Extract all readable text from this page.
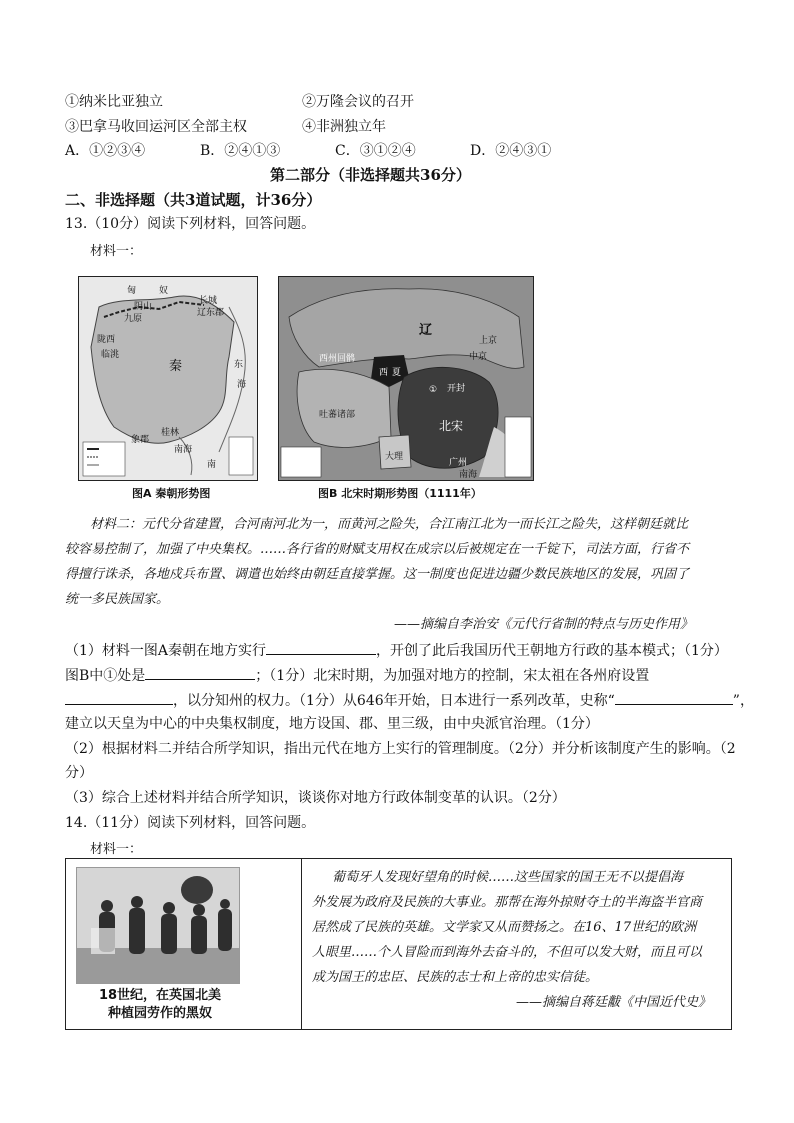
①纳米比亚独立	②万隆会议的召开
③巴拿马收回运河区全部主权	④非洲独立年
A．①②③④	B．②④①③	C．③①②④	D．②④③①
第二部分（非选择题共36分）
二、非选择题（共3道试题，计36分）
13.（10分）阅读下列材料，回答问题。
材料一：
匈	奴
阴山
九原
长城
陇西
临洮
秦	东
海
南
桂林
象郡
南海
辽东郡
图A 秦朝形势图
辽
西州回鹘
西 夏
吐蕃诸部
北宋
大理
①
上京
中京
广州
开封
南海
图B 北宋时期形势图（1111年）
材料二：元代分省建置，合河南河北为一，而黄河之险失，合江南江北为一而长江之险失，这样朝廷就比
较容易控制了，加强了中央集权。……各行省的财赋支用权在成宗以后被规定在一千锭下，司法方面，行省不
得擅行诛杀，各地戍兵布置、调遣也始终由朝廷直接掌握。这一制度也促进边疆少数民族地区的发展，巩固了
统一多民族国家。
——摘编自李治安《元代行省制的特点与历史作用》
（1）材料一图A秦朝在地方实行	，开创了此后我国历代王朝地方行政的基本模式；（1分）
图B中①处是	；（1分）北宋时期，为加强对地方的控制，宋太祖在各州府设置
，以分知州的权力。（1分）从646年开始，日本进行一系列改革，史称“	”，
建立以天皇为中心的中央集权制度，地方设国、郡、里三级，由中央派官治理。（1分）
（2）根据材料二并结合所学知识，指出元代在地方上实行的管理制度。（2分）并分析该制度产生的影响。（2
分）
（3）综合上述材料并结合所学知识，谈谈你对地方行政体制变革的认识。（2分）
14.（11分）阅读下列材料，回答问题。
材料一：
18世纪，在英国北美
种植园劳作的黑奴
葡萄牙人发现好望角的时候……这些国家的国王无不以提倡海
外发展为政府及民族的大事业。那帮在海外掠财夺土的半海盗半官商
居然成了民族的英雄。文学家又从而赞扬之。在16、17世纪的欧洲
人眼里……个人冒险而到海外去奋斗的，不但可以发大财，而且可以
成为国王的忠臣、民族的志士和上帝的忠实信徒。
——摘编自蒋廷黻《中国近代史》
